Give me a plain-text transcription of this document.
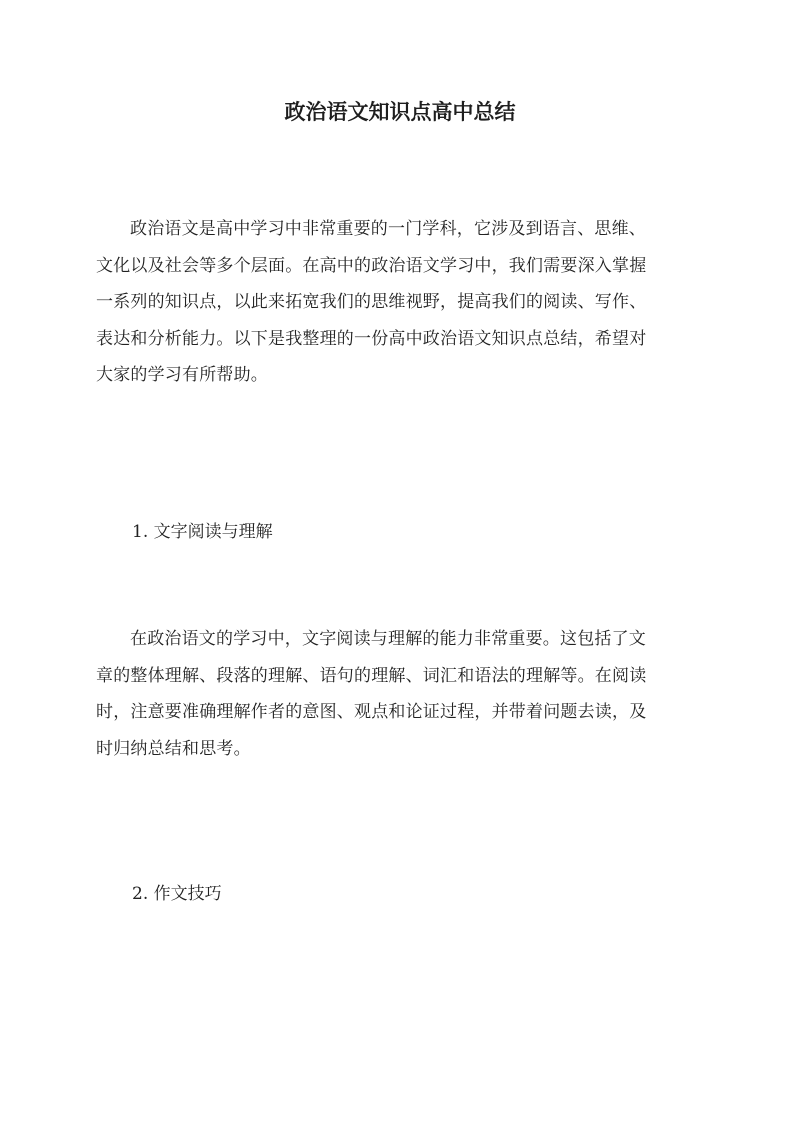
政治语文知识点高中总结

政治语文是高中学习中非常重要的一门学科，它涉及到语言、思维、
文化以及社会等多个层面。在高中的政治语文学习中，我们需要深入掌握
一系列的知识点，以此来拓宽我们的思维视野，提高我们的阅读、写作、
表达和分析能力。以下是我整理的一份高中政治语文知识点总结，希望对
大家的学习有所帮助。

1. 文字阅读与理解

在政治语文的学习中，文字阅读与理解的能力非常重要。这包括了文
章的整体理解、段落的理解、语句的理解、词汇和语法的理解等。在阅读
时，注意要准确理解作者的意图、观点和论证过程，并带着问题去读，及
时归纳总结和思考。

2. 作文技巧
